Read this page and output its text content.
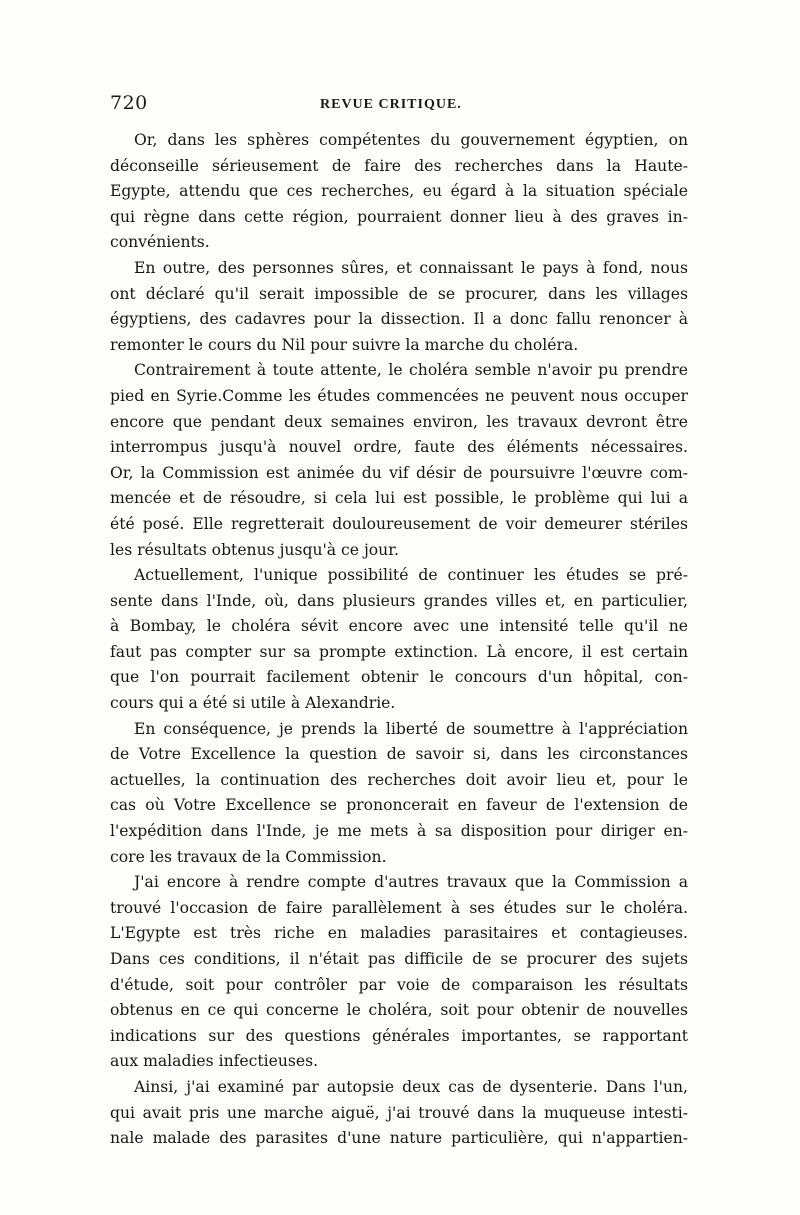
720	REVUE CRITIQUE.
Or, dans les sphères compétentes du gouvernement égyptien, on
déconseille sérieusement de faire des recherches dans la Haute-
Egypte, attendu que ces recherches, eu égard à la situation spéciale
qui règne dans cette région, pourraient donner lieu à des graves in-
convénients.
En outre, des personnes sûres, et connaissant le pays à fond, nous
ont déclaré qu'il serait impossible de se procurer, dans les villages
égyptiens, des cadavres pour la dissection. Il a donc fallu renoncer à
remonter le cours du Nil pour suivre la marche du choléra.
Contrairement à toute attente, le choléra semble n'avoir pu prendre
pied en Syrie.Comme les études commencées ne peuvent nous occuper
encore que pendant deux semaines environ, les travaux devront être
interrompus jusqu'à nouvel ordre, faute des éléments nécessaires.
Or, la Commission est animée du vif désir de poursuivre l'œuvre com-
mencée et de résoudre, si cela lui est possible, le problème qui lui a
été posé. Elle regretterait douloureusement de voir demeurer stériles
les résultats obtenus jusqu'à ce jour.
Actuellement, l'unique possibilité de continuer les études se pré-
sente dans l'Inde, où, dans plusieurs grandes villes et, en particulier,
à Bombay, le choléra sévit encore avec une intensité telle qu'il ne
faut pas compter sur sa prompte extinction. Là encore, il est certain
que l'on pourrait facilement obtenir le concours d'un hôpital, con-
cours qui a été si utile à Alexandrie.
En conséquence, je prends la liberté de soumettre à l'appréciation
de Votre Excellence la question de savoir si, dans les circonstances
actuelles, la continuation des recherches doit avoir lieu et, pour le
cas où Votre Excellence se prononcerait en faveur de l'extension de
l'expédition dans l'Inde, je me mets à sa disposition pour diriger en-
core les travaux de la Commission.
J'ai encore à rendre compte d'autres travaux que la Commission a
trouvé l'occasion de faire parallèlement à ses études sur le choléra.
L'Egypte est très riche en maladies parasitaires et contagieuses.
Dans ces conditions, il n'était pas difficile de se procurer des sujets
d'étude, soit pour contrôler par voie de comparaison les résultats
obtenus en ce qui concerne le choléra, soit pour obtenir de nouvelles
indications sur des questions générales importantes, se rapportant
aux maladies infectieuses.
Ainsi, j'ai examiné par autopsie deux cas de dysenterie. Dans l'un,
qui avait pris une marche aiguë, j'ai trouvé dans la muqueuse intesti-
nale malade des parasites d'une nature particulière, qui n'appartien-
